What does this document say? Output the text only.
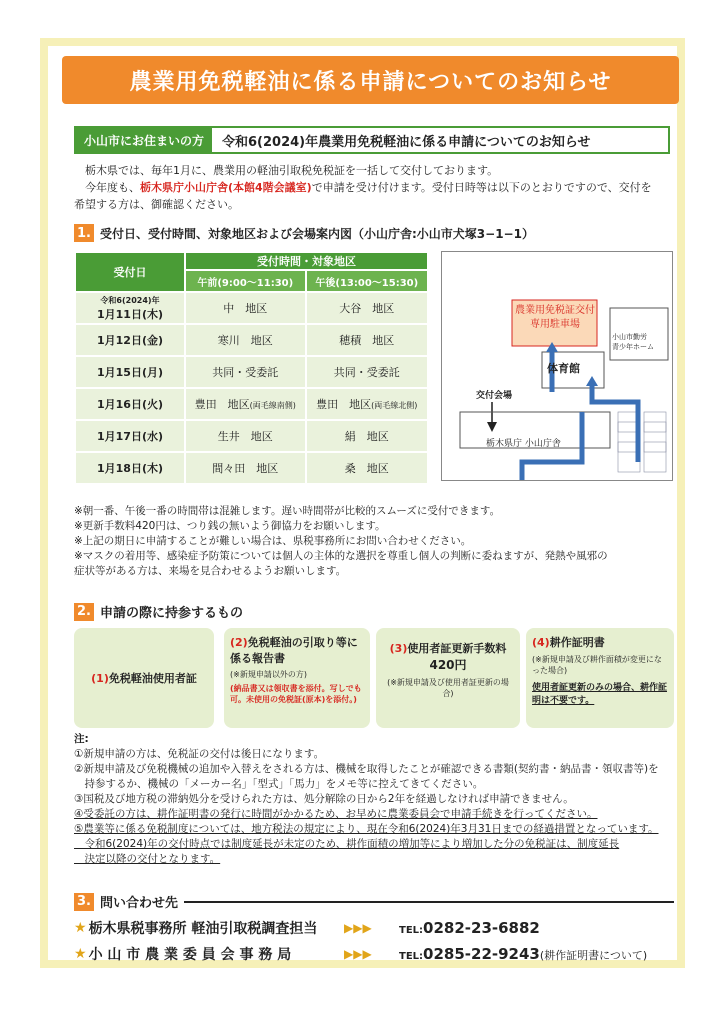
農業用免税軽油に係る申請についてのお知らせ
小山市にお住まいの方	令和6(2024)年農業用免税軽油に係る申請についてのお知らせ

栃木県では、毎年1月に、農業用の軽油引取税免税証を一括して交付しております。

今年度も、栃木県庁小山庁舎(本館4階会議室)で申請を受け付けます。受付日時等は以下のとおりですので、交付を

希望する方は、御確認ください。
1. 受付日、受付時間、対象地区および会場案内図（小山庁舎:小山市犬塚3−1−1）
受付日	受付時間・対象地区	
	午前(9:00〜11:30)	午後(13:00〜15:30)

令和6(2024)年
1月11日(木)	中　地区	大谷　地区

1月12日(金)	寒川　地区	穂積　地区

1月15日(月)	共同・受委託	共同・受委託

1月16日(火)	豊田　地区(両毛線南側)	豊田　地区(両毛線北側)

1月17日(水)	生井　地区	絹　地区

1月18日(木)	間々田　地区	桑　地区
農業用免税証交付
専用駐車場
体育館
小山市勤労
青少年ホーム
交付会場
栃木県庁 小山庁舎
※朝一番、午後一番の時間帯は混雑します。遅い時間帯が比較的スムーズに受付できます。
※更新手数料420円は、つり銭の無いよう御協力をお願いします。
※上記の期日に申請することが難しい場合は、県税事務所にお問い合わせください。
※マスクの着用等、感染症予防策については個人の主体的な選択を尊重し個人の判断に委ねますが、発熱や風邪の
症状等がある方は、来場を見合わせるようお願いします。
2. 申請の際に持参するもの
(1)免税軽油使用者証
(2)免税軽油の引取り等に係る報告書
(※新規申請以外の方)
(納品書又は領収書を添付。写しでも可。未使用の免税証(原本)を添付。)
(3)使用者証更新手数料
420円
(※新規申請及び使用者証更新の場合)
(4)耕作証明書
(※新規申請及び耕作面積が変更になった場合)
使用者証更新のみの場合、耕作証明は不要です。
注:
①新規申請の方は、免税証の交付は後日になります。
②新規申請及び免税機械の追加や入替えをされる方は、機械を取得したことが確認できる書類(契約書・納品書・領収書等)を
　持参するか、機械の「メーカー名」「型式」「馬力」をメモ等に控えてきてください。
③国税及び地方税の滞納処分を受けられた方は、処分解除の日から2年を経過しなければ申請できません。
④受委託の方は、耕作証明書の発行に時間がかかるため、お早めに農業委員会で申請手続きを行ってください。
⑤農業等に係る免税制度については、地方税法の規定により、現在令和6(2024)年3月31日までの経過措置となっています。
　令和6(2024)年の交付時点では制度延長が未定のため、耕作面積の増加等により増加した分の免税証は、制度延長
　決定以降の交付となります。
3. 問い合わせ先
★ 栃木県税事務所 軽油引取税調査担当 ▶▶▶	TEL:0282-23-6882
★ 小 山 市 農 業 委 員 会 事 務 局	▶▶▶	TEL:0285-22-9243(耕作証明書について)
